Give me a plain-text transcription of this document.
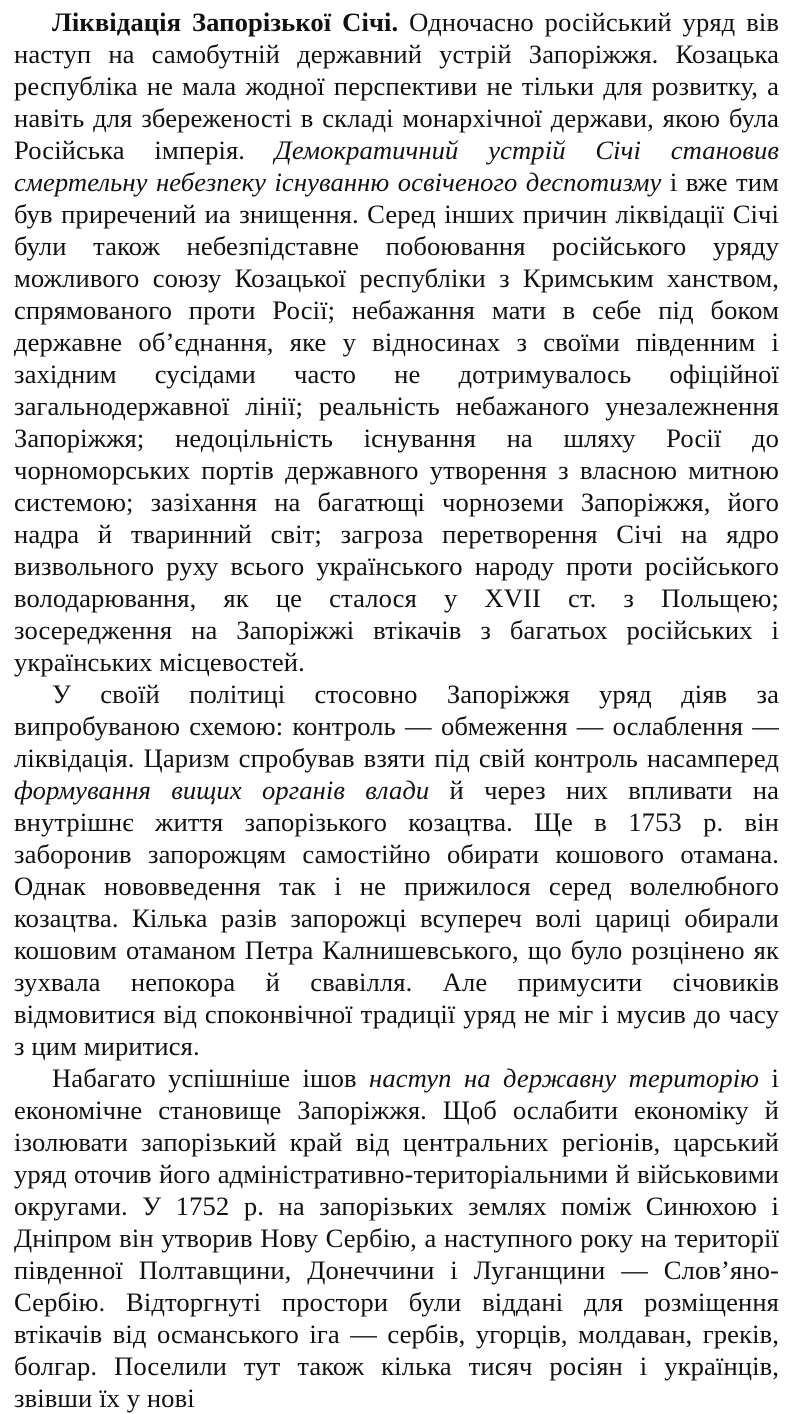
Ліквідація Запорізької Січі. Одночасно російський уряд вів наступ на самобутній державний устрій Запоріжжя. Козацька республіка не мала жодної перспективи не тільки для розвитку, а навіть для збереженості в складі монархічної держави, якою була Російська імперія. Демократичний устрій Січі становив смертельну небезпеку існуванню освіченого деспотизму і вже тим був приречений иа знищення. Серед інших причин ліквідації Січі були також небезпідставне побоювання російського уряду можливого союзу Козацької республіки з Кримським ханством, спрямованого проти Росії; небажання мати в себе під боком державне об’єднання, яке у відносинах з своїми південним і західним сусідами часто не дотримувалось офіційної загальнодержавної лінії; реальність небажаного унезалежнення Запоріжжя; недоцільність існування на шляху Росії до чорноморських портів державного утворення з власною митною системою; зазіхання на багатющі чорноземи Запоріжжя, його надра й тваринний світ; загроза перетворення Січі на ядро визвольного руху всього українського народу проти російського володарювання, як це сталося у XVII ст. з Польщею; зосередження на Запоріжжі втікачів з багатьох російських і українських місцевостей.

У своїй політиці стосовно Запоріжжя уряд діяв за випробуваною схемою: контроль — обмеження — ослаблення — ліквідація. Царизм спробував взяти під свій контроль насамперед формування вищих органів влади й через них впливати на внутрішнє життя запорізького козацтва. Ще в 1753 р. він заборонив запорожцям самостійно обирати кошового отамана. Однак нововведення так і не прижилося серед волелюбного козацтва. Кілька разів запорожці всупереч волі цариці обирали кошовим отаманом Петра Калнишевського, що було розцінено як зухвала непокора й свавілля. Але примусити січовиків відмовитися від споконвічної традиції уряд не міг і мусив до часу з цим миритися.

Набагато успішніше ішов наступ на державну територію і економічне становище Запоріжжя. Щоб ослабити економіку й ізолювати запорізький край від центральних регіонів, царський уряд оточив його адміністративно-територіальними й військовими округами. У 1752 р. на запорізьких землях поміж Синюхою і Дніпром він утворив Нову Сербію, а наступного року на території південної Полтавщини, Донеччини і Луганщини — Слов’яно-Сербію. Відторгнуті простори були віддані для розміщення втікачів від османського іга — сербів, угорців, молдаван, греків, болгар. Поселили тут також кілька тисяч росіян і українців, звівши їх у нові
